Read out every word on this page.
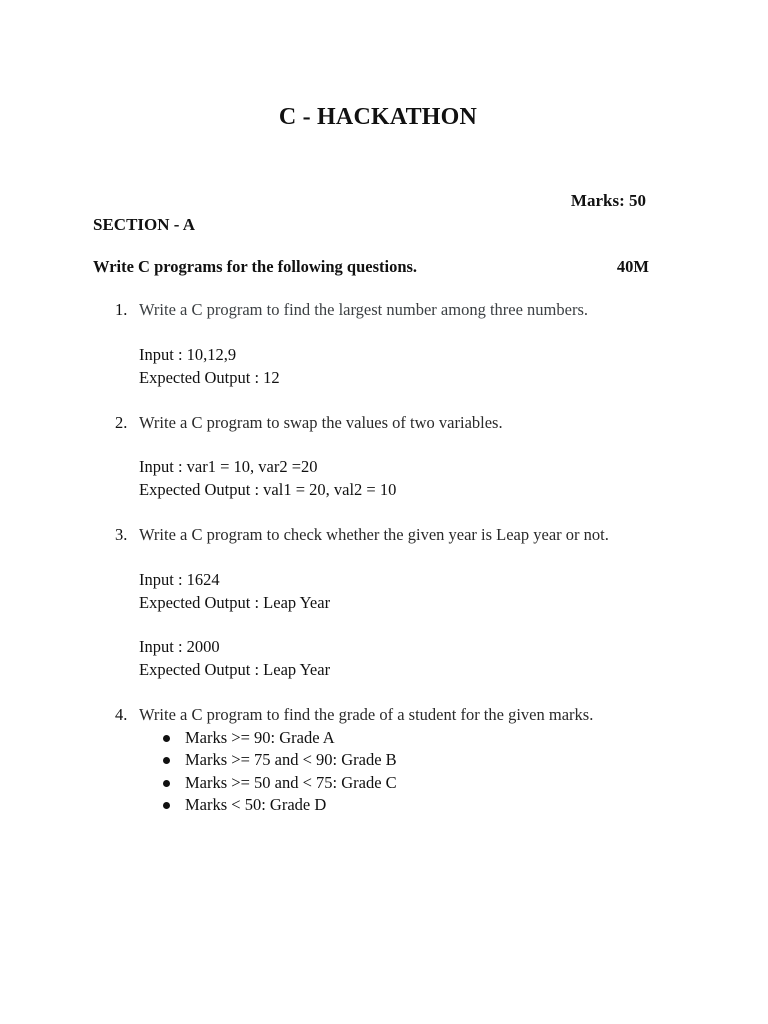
C - HACKATHON
Marks: 50
SECTION - A
Write C programs for the following questions.	40M
1. Write a C program to find the largest number among three numbers.
Input : 10,12,9
Expected Output : 12
2. Write a C program to swap the values of two variables.
Input : var1 = 10, var2 =20
Expected Output : val1 = 20, val2 = 10
3. Write a C program to check whether the given year is Leap year or not.
Input : 1624
Expected Output : Leap Year
Input : 2000
Expected Output : Leap Year
4. Write a C program to find the grade of a student for the given marks.
Marks >= 90: Grade A
Marks >= 75 and < 90: Grade B
Marks >= 50 and < 75: Grade C
Marks < 50: Grade D
